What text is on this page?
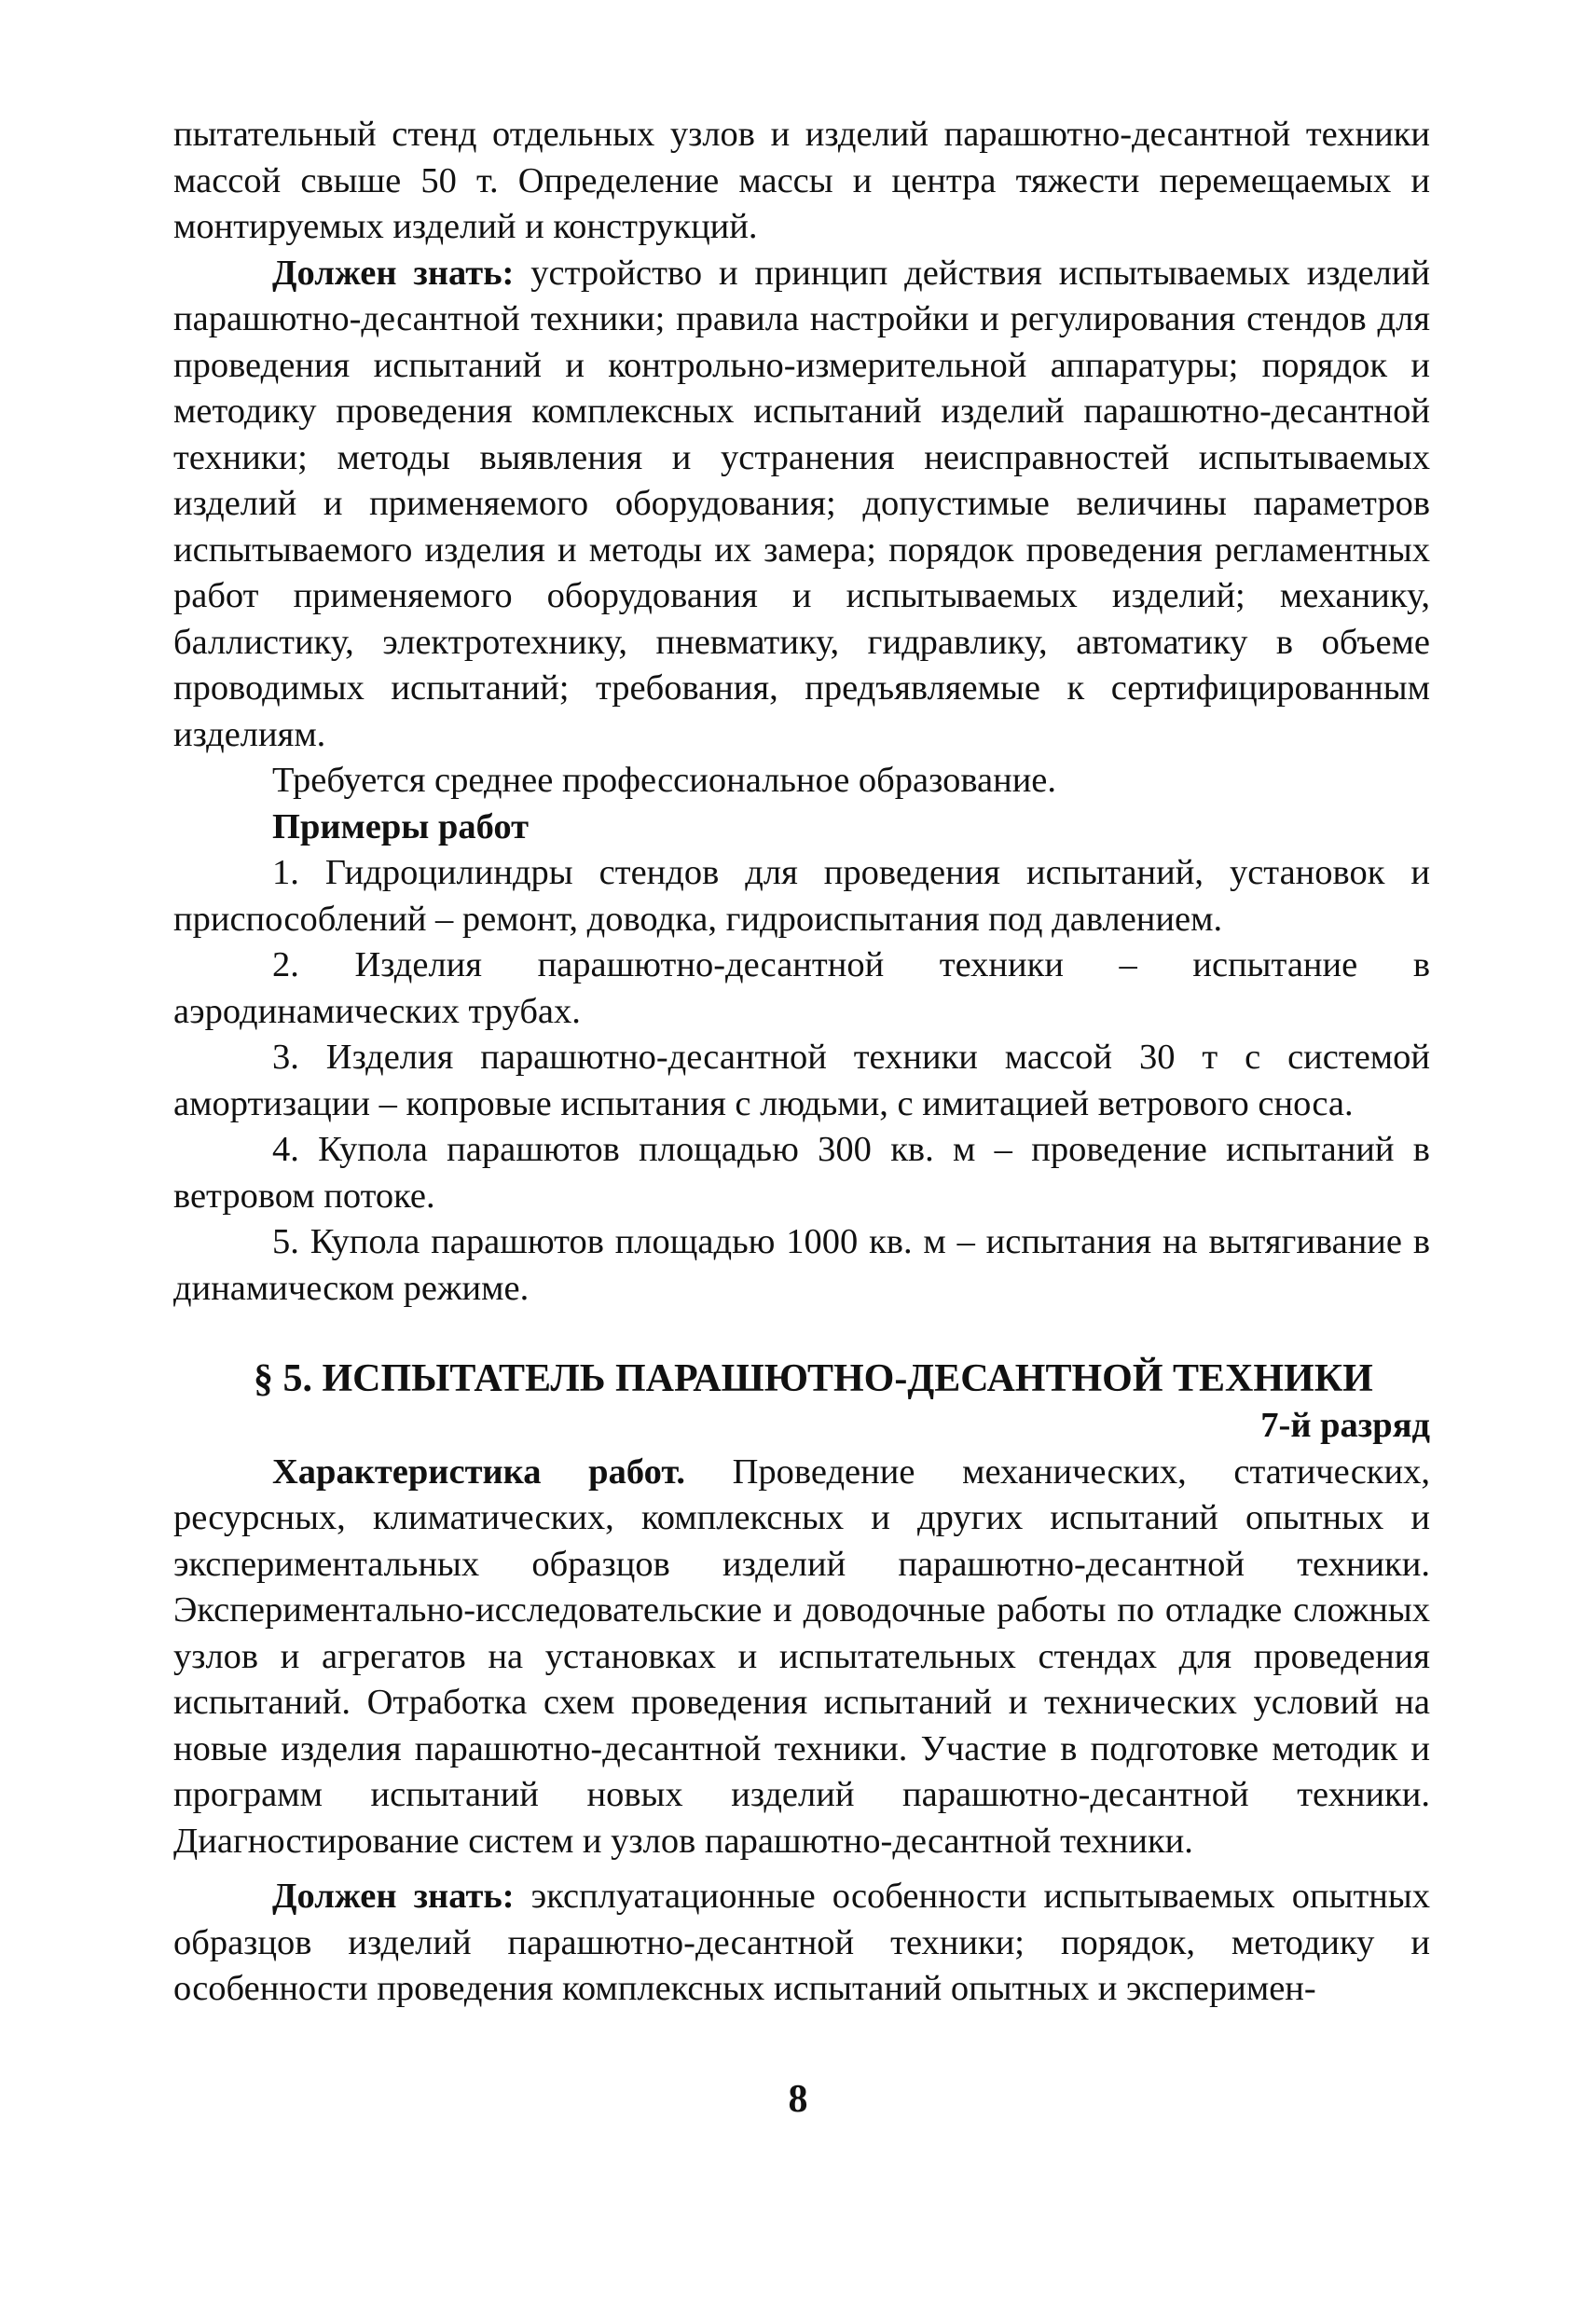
пытательный стенд отдельных узлов и изделий парашютно-десантной техники массой свыше 50 т. Определение массы и центра тяжести перемещаемых и монтируемых изделий и конструкций.

Должен знать: устройство и принцип действия испытываемых изделий парашютно-десантной техники; правила настройки и регулирования стендов для проведения испытаний и контрольно-измерительной аппаратуры; порядок и методику проведения комплексных испытаний изделий парашютно-десантной техники; методы выявления и устранения неисправностей испытываемых изделий и применяемого оборудования; допустимые величины параметров испытываемого изделия и методы их замера; порядок проведения регламентных работ применяемого оборудования и испытываемых изделий; механику, баллистику, электротехнику, пневматику, гидравлику, автоматику в объеме проводимых испытаний; требования, предъявляемые к сертифицированным изделиям.

Требуется среднее профессиональное образование.

Примеры работ

1. Гидроцилиндры стендов для проведения испытаний, установок и приспособлений – ремонт, доводка, гидроиспытания под давлением.

2. Изделия парашютно-десантной техники – испытание в аэродинамических трубах.

3. Изделия парашютно-десантной техники массой 30 т с системой амортизации – копровые испытания с людьми, с имитацией ветрового сноса.

4. Купола парашютов площадью 300 кв. м – проведение испытаний в ветровом потоке.

5. Купола парашютов площадью 1000 кв. м – испытания на вытягивание в динамическом режиме.

§ 5. ИСПЫТАТЕЛЬ ПАРАШЮТНО-ДЕСАНТНОЙ ТЕХНИКИ

7-й разряд

Характеристика работ. Проведение механических, статических, ресурсных, климатических, комплексных и других испытаний опытных и экспериментальных образцов изделий парашютно-десантной техники. Экспериментально-исследовательские и доводочные работы по отладке сложных узлов и агрегатов на установках и испытательных стендах для проведения испытаний. Отработка схем проведения испытаний и технических условий на новые изделия парашютно-десантной техники. Участие в подготовке методик и программ испытаний новых изделий парашютно-десантной техники. Диагностирование систем и узлов парашютно-десантной техники.

Должен знать: эксплуатационные особенности испытываемых опытных образцов изделий парашютно-десантной техники; порядок, методику и особенности проведения комплексных испытаний опытных и эксперимен-

8
